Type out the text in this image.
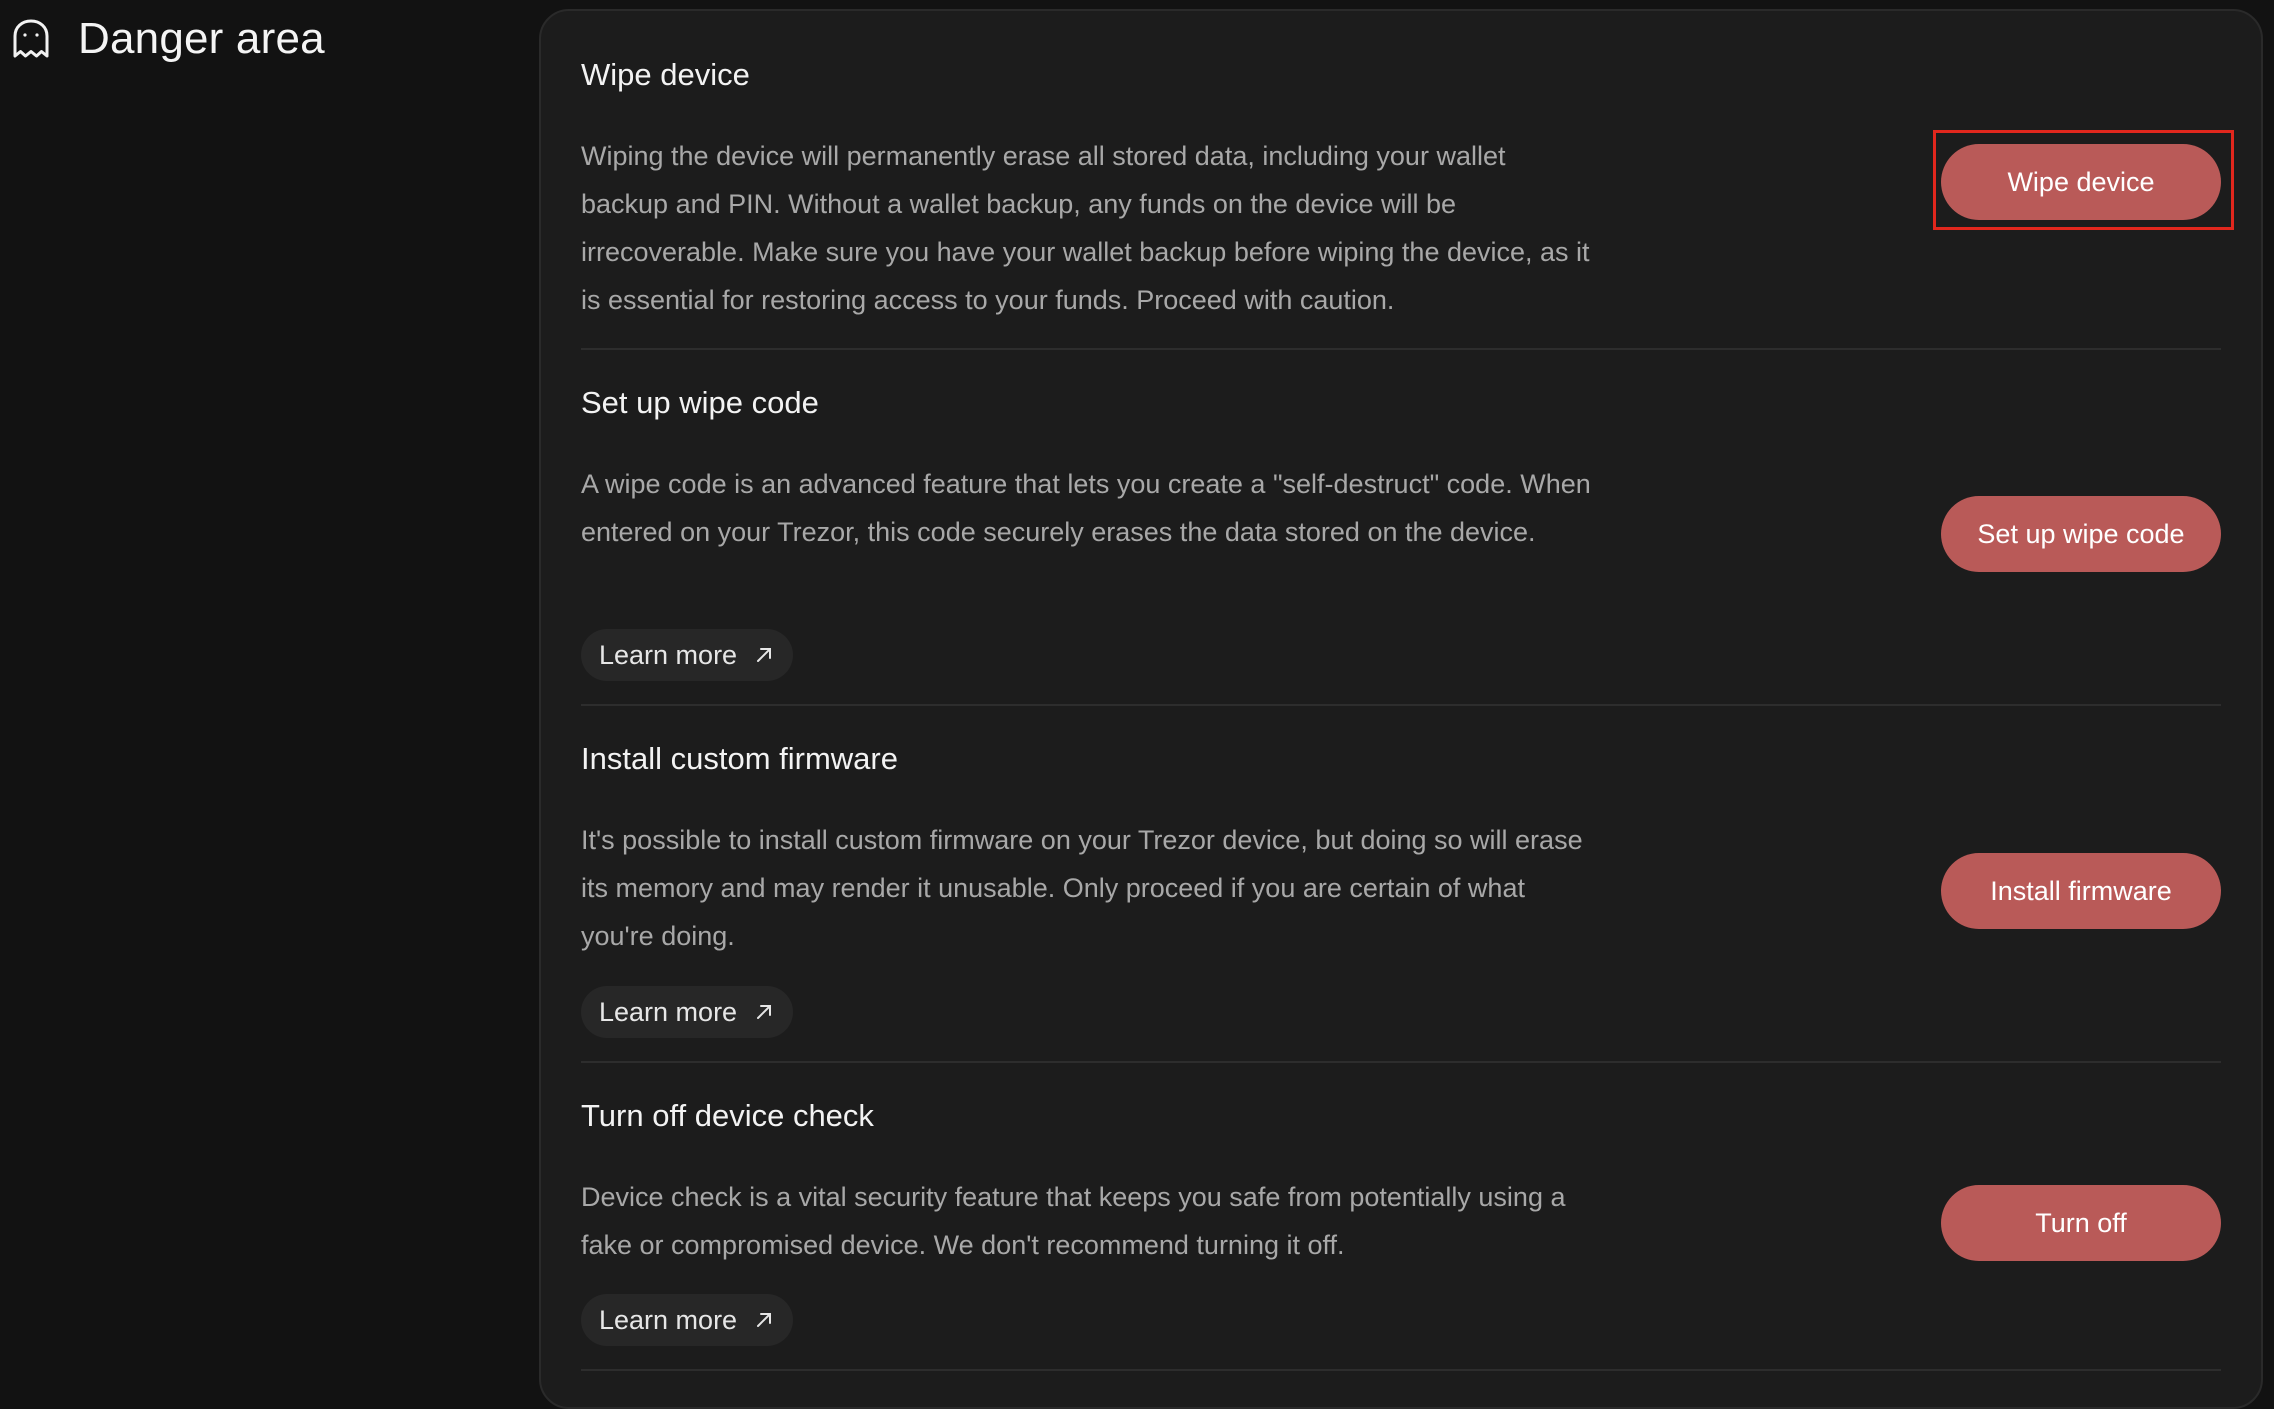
Danger area
Wipe device
Wiping the device will permanently erase all stored data, including your wallet backup and PIN. Without a wallet backup, any funds on the device will be irrecoverable. Make sure you have your wallet backup before wiping the device, as it is essential for restoring access to your funds. Proceed with caution.
Wipe device
Set up wipe code
A wipe code is an advanced feature that lets you create a "self-destruct" code. When entered on your Trezor, this code securely erases the data stored on the device.
Learn more
Set up wipe code
Install custom firmware
It's possible to install custom firmware on your Trezor device, but doing so will erase its memory and may render it unusable. Only proceed if you are certain of what you're doing.
Learn more
Install firmware
Turn off device check
Device check is a vital security feature that keeps you safe from potentially using a fake or compromised device. We don't recommend turning it off.
Learn more
Turn off
